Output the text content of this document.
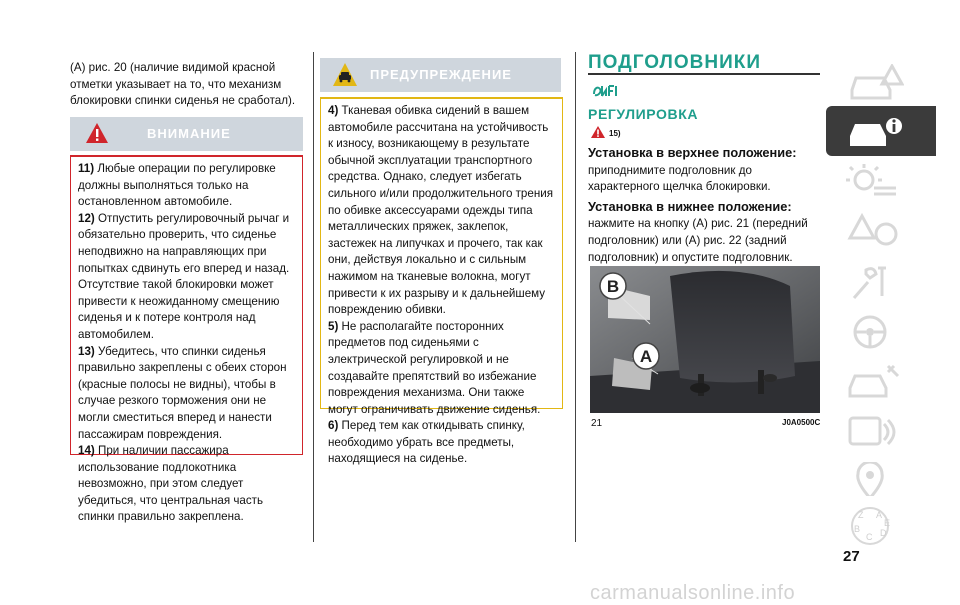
(А) рис. 20 (наличие видимой красной отметки указывает на то, что механизм блокировки спинки сиденья не сработал).

ВНИМАНИЕ

11) Любые операции по регулировке должны выполняться только на остановленном автомобиле.

12) Отпустить регулировочный рычаг и обязательно проверить, что сиденье неподвижно на направляющих при попытках сдвинуть его вперед и назад. Отсутствие такой блокировки может привести к неожиданному смещению сиденья и к потере контроля над автомобилем.

13) Убедитесь, что спинки сиденья правильно закреплены с обеих сторон (красные полосы не видны), чтобы в случае резкого торможения они не могли сместиться вперед и нанести пассажирам повреждения.

14) При наличии пассажира использование подлокотника невозможно, при этом следует убедиться, что центральная часть спинки правильно закреплена.

ПРЕДУПРЕЖДЕНИЕ

4) Тканевая обивка сидений в вашем автомобиле рассчитана на устойчивость к износу, возникающему в результате обычной эксплуатации транспортного средства. Однако, следует избегать сильного и/или продолжительного трения по обивке аксессуарами одежды типа металлических пряжек, заклепок, застежек на липучках и прочего, так как они, действуя локально и с сильным нажимом на тканевые волокна, могут привести к их разрыву и к дальнейшему повреждению обивки.

5) Не располагайте посторонних предметов под сиденьями с электрической регулировкой и не создавайте препятствий во избежание повреждения механизма. Они также могут ограничивать движение сиденья.

6) Перед тем как откидывать спинку, необходимо убрать все предметы, находящиеся на сиденье.

ПОДГОЛОВНИКИ
РЕГУЛИРОВКА
15)

Установка в верхнее положение: приподнимите подголовник до характерного щелчка блокировки.

Установка в нижнее положение: нажмите на кнопку (А) рис. 21 (передний подголовник) или (А) рис. 22 (задний подголовник) и опустите подголовник.

B
A
21	J0A0500C
Z A
B
C D
E
27
carmanualsonline.info
